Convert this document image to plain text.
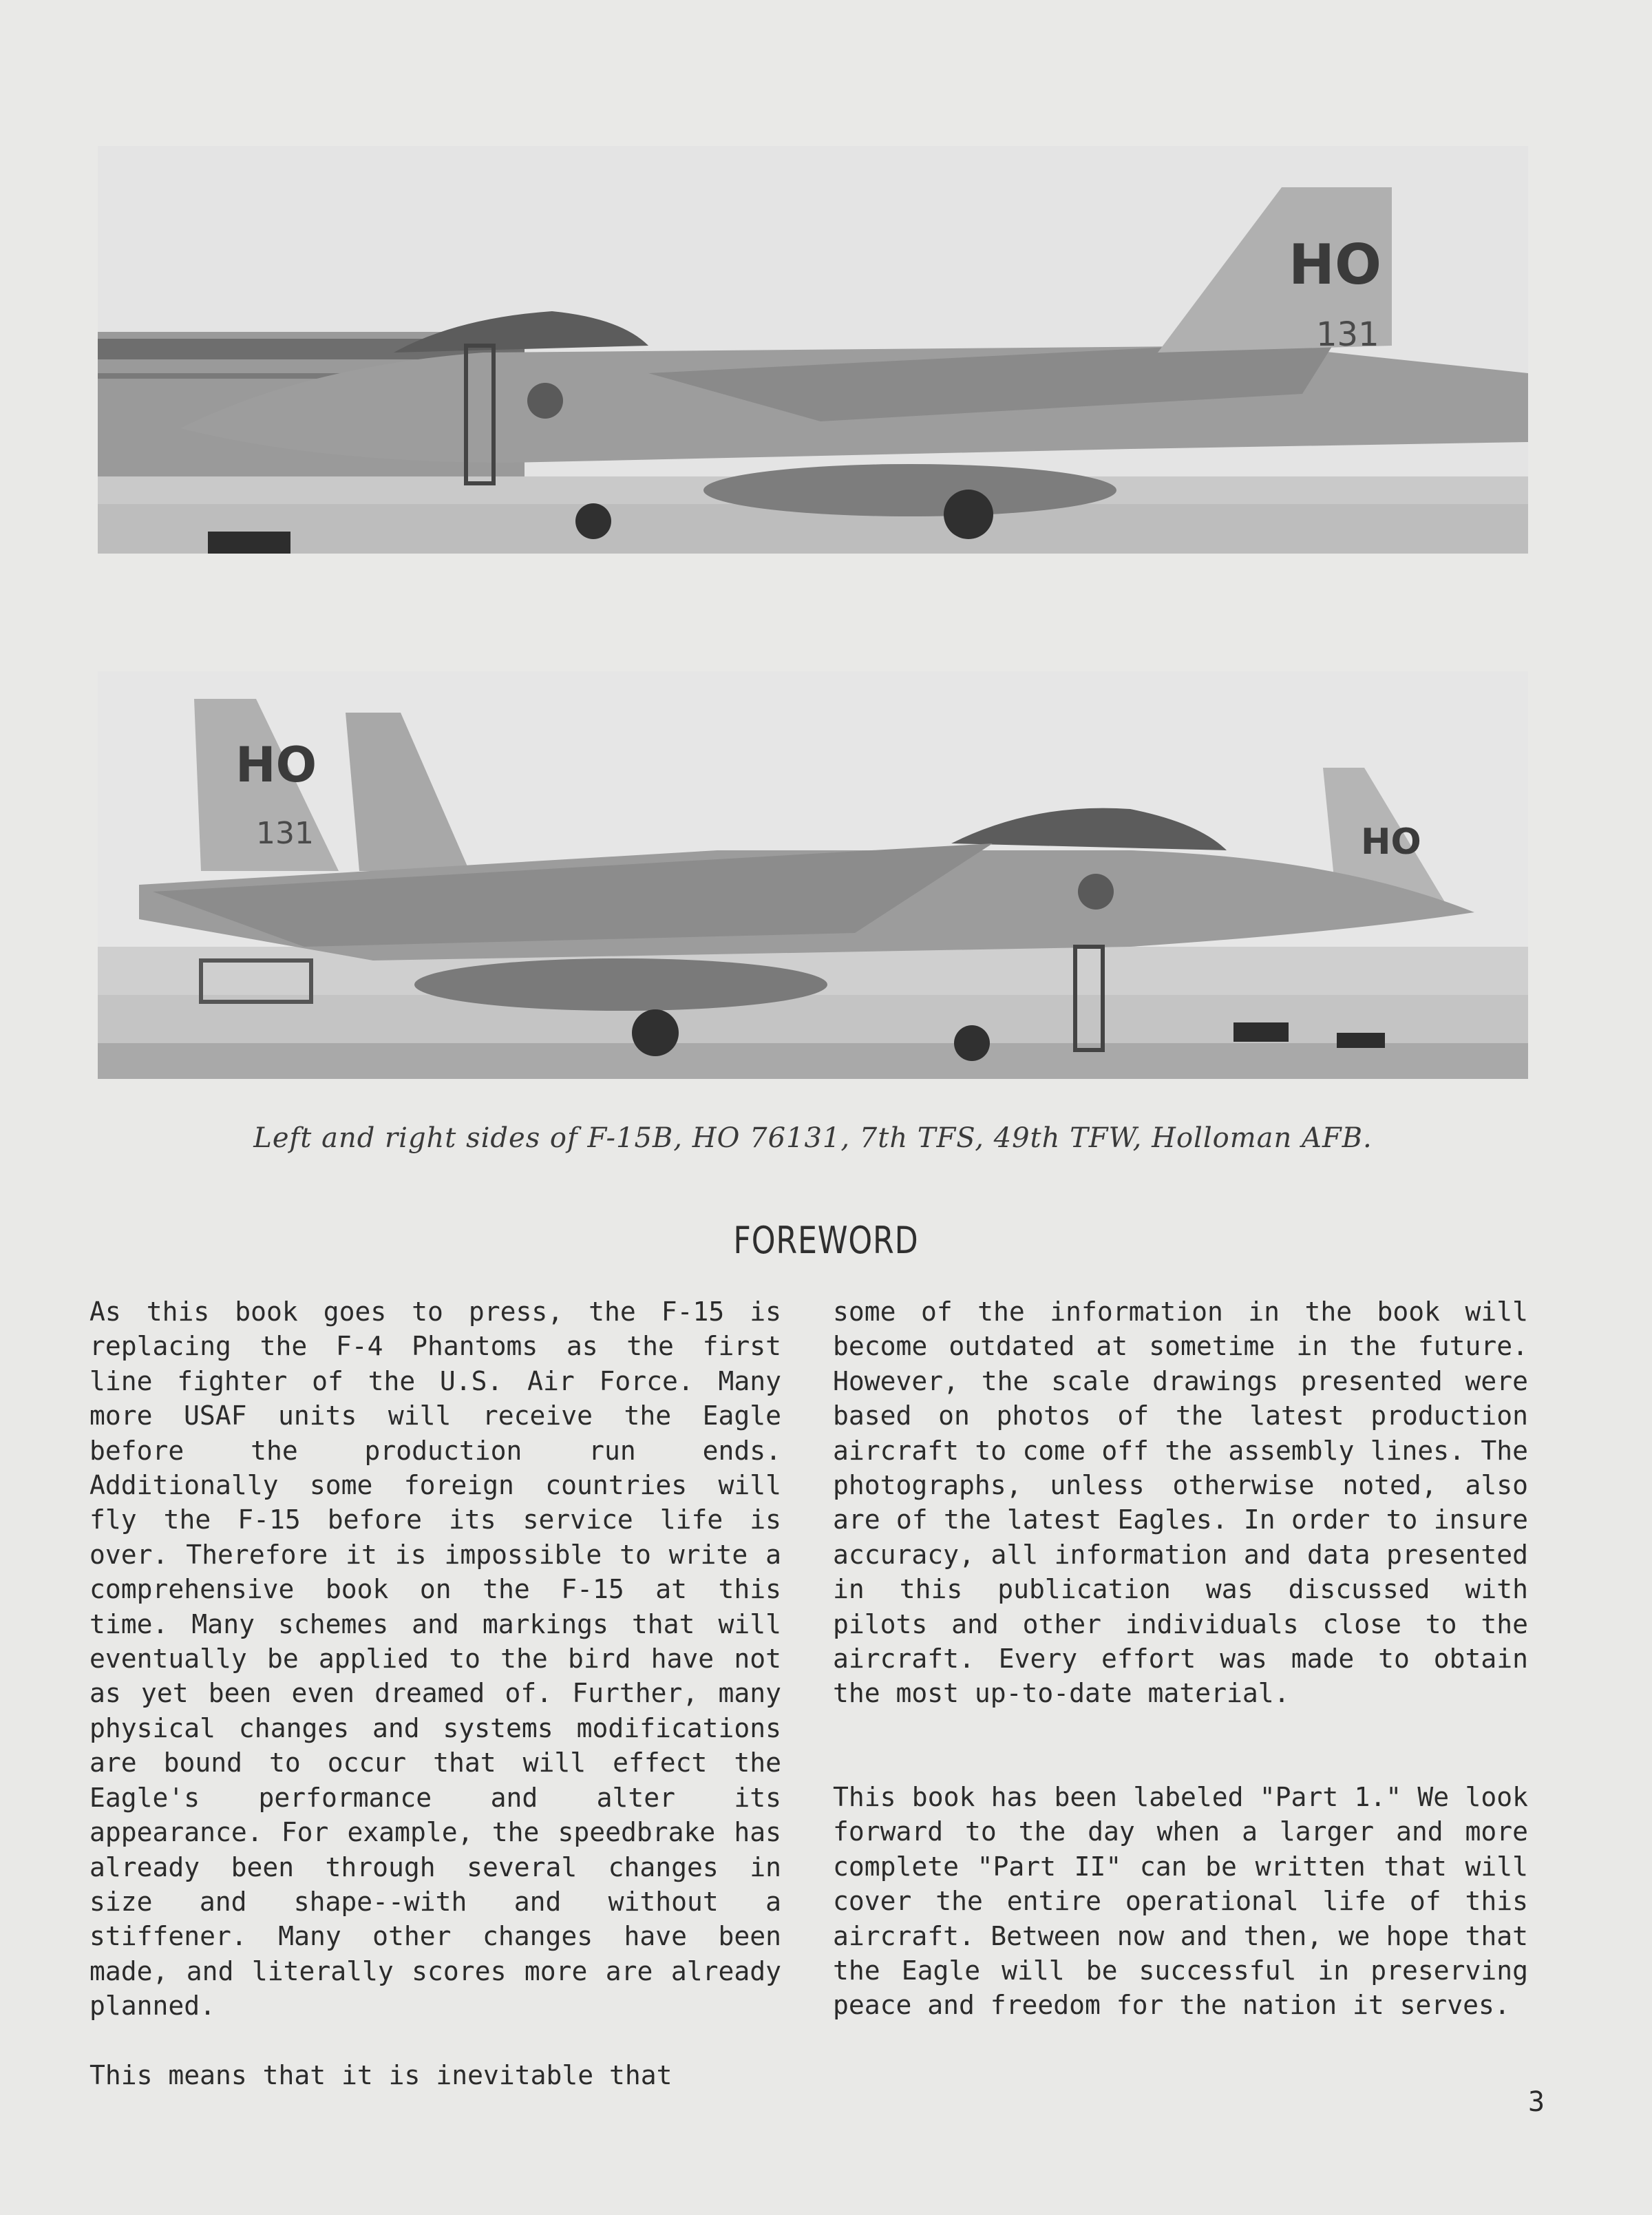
HO
131
HO
HO
131
Left and right sides of F-15B, HO 76131, 7th TFS, 49th TFW, Holloman AFB.
FOREWORD

As this book goes to press, the F-15 is replacing the F-4 Phantoms as the first line fighter of the U.S. Air Force. Many more USAF units will receive the Eagle before the production run ends. Additionally some foreign countries will fly the F-15 before its service life is over. Therefore it is impossible to write a comprehensive book on the F-15 at this time. Many schemes and markings that will eventually be applied to the bird have not as yet been even dreamed of. Further, many physical changes and systems modifications are bound to occur that will effect the Eagle's performance and alter its appearance. For example, the speedbrake has already been through several changes in size and shape--with and without a stiffener. Many other changes have been made, and literally scores more are already planned.

This means that it is inevitable that

some of the information in the book will become outdated at sometime in the future. However, the scale drawings presented were based on photos of the latest production aircraft to come off the assembly lines. The photographs, unless otherwise noted, also are of the latest Eagles. In order to insure accuracy, all information and data presented in this publication was discussed with pilots and other individuals close to the aircraft. Every effort was made to obtain the most up-to-date material.

This book has been labeled "Part 1." We look forward to the day when a larger and more complete "Part II" can be written that will cover the entire operational life of this aircraft. Between now and then, we hope that the Eagle will be successful in preserving peace and freedom for the nation it serves.

3
